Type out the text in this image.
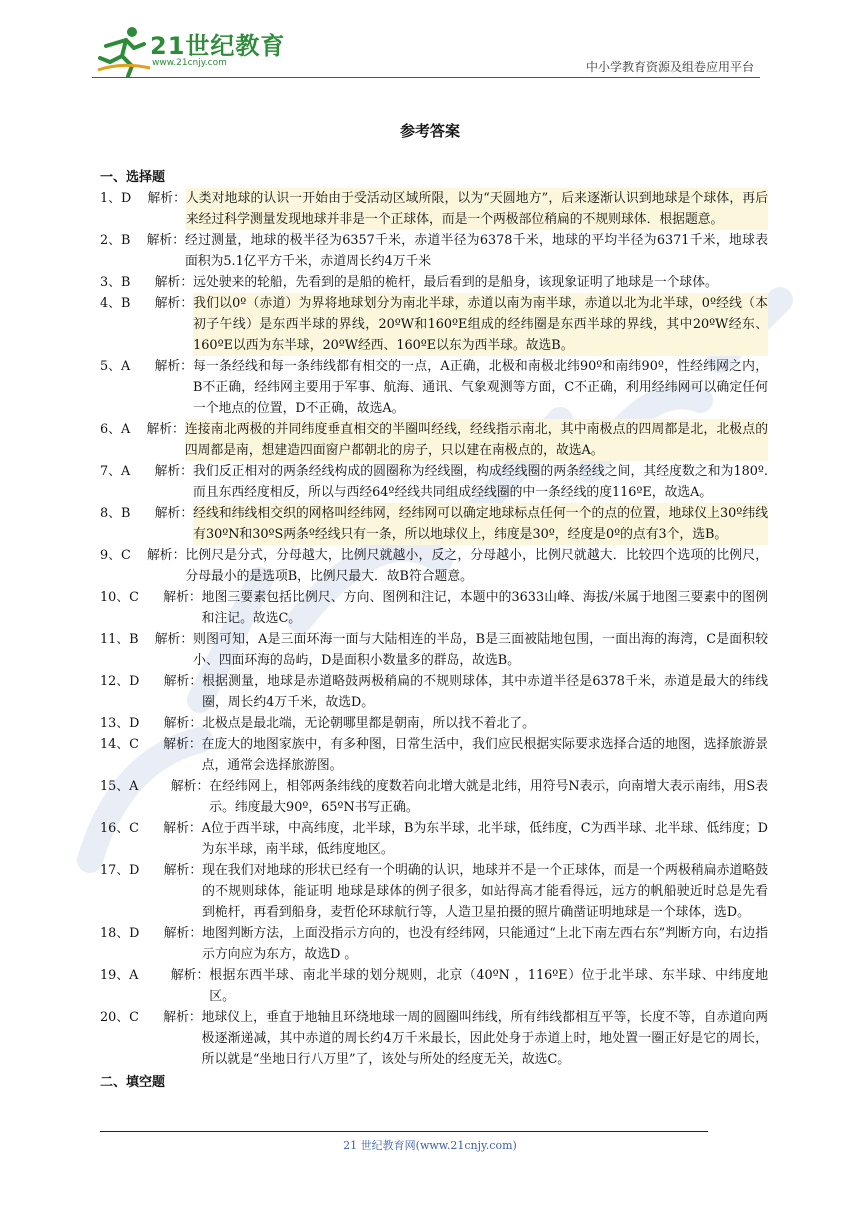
21世纪教育
www.21cnjy.com	中小学教育资源及组卷应用平台
参考答案
一、选择题
1、D    解析： 人类对地球的认识一开始由于受活动区域所限，以为“天圆地方”，后来逐渐认识到地球是个球体，再后来经过科学测量发现地球并非是一个正球体，而是一个两极部位稍扁的不规则球体．根据题意。
2、B    解析： 经过测量，地球的极半径为6357千米，赤道半径为6378千米，地球的平均半径为6371千米，地球表面积为5.1亿平方千米，赤道周长约4万千米
3、B      解析： 远处驶来的轮船，先看到的是船的桅杆，最后看到的是船身，该现象证明了地球是一个球体。
4、B      解析： 我们以0º（赤道）为界将地球划分为南北半球，赤道以南为南半球，赤道以北为北半球，0º经线（本初子午线）是东西半球的界线，20ºW和160ºE组成的经纬圈是东西半球的界线，其中20ºW经东、160ºE以西为东半球，20ºW经西、160ºE以东为西半球。故选B。
5、A      解析： 每一条经线和每一条纬线都有相交的一点，A正确，北极和南极北纬90º和南纬90º，性经纬网之内，B不正确，经纬网主要用于军事、航海、通讯、气象观测等方面，C不正确，利用经纬网可以确定任何一个地点的位置，D不正确，故选A。
6、A    解析： 连接南北两极的并同纬度垂直相交的半圈叫经线，经线指示南北，其中南极点的四周都是北，北极点的四周都是南，想建造四面窗户都朝北的房子，只以建在南极点的，故选A。
7、A      解析： 我们反正相对的两条经线构成的圆圈称为经线圈，构成经线圈的两条经线之间，其经度数之和为180º.而且东西经度相反，所以与西经64º经线共同组成经线圈的中一条经线的度116ºE，故选A。
8、B      解析： 经线和纬线相交织的网格叫经纬网，经纬网可以确定地球标点任何一个的点的位置，地球仪上30º纬线有30ºN和30ºS两条º经线只有一条，所以地球仪上，纬度是30º，经度是0º的点有3个，选B。
9、C    解析： 比例尺是分式，分母越大，比例尺就越小，反之，分母越小，比例尺就越大．比较四个选项的比例尺，分母最小的是选项B，比例尺最大．故B符合题意。
10、C      解析： 地图三要素包括比例尺、方向、图例和注记，本题中的3633山峰、海拔/米属于地图三要素中的图例和注记。故选C。
11、B    解析： 则图可知，A是三面环海一面与大陆相连的半岛，B是三面被陆地包围，一面出海的海湾，C是面积较小、四面环海的岛屿，D是面积小数量多的群岛，故选B。
12、D      解析： 根据测量，地球是赤道略鼓两极稍扁的不规则球体，其中赤道半径是6378千米，赤道是最大的纬线圈，周长约4万千米，故选D。
13、D      解析： 北极点是最北端，无论朝哪里都是朝南，所以找不着北了。
14、C      解析： 在庞大的地图家族中，有多种图，日常生活中，我们应民根据实际要求选择合适的地图，选择旅游景点，通常会选择旅游图。
15、A        解析： 在经纬网上，相邻两条纬线的度数若向北增大就是北纬，用符号N表示，向南增大表示南纬，用S表示。纬度最大90º，65ºN书写正确。
16、C      解析： A位于西半球，中高纬度，北半球，B为东半球，北半球，低纬度，C为西半球、北半球、低纬度；D为东半球，南半球，低纬度地区。
17、D      解析： 现在我们对地球的形状已经有一个明确的认识，地球并不是一个正球体，而是一个两极稍扁赤道略鼓的不规则球体，能证明 地球是球体的例子很多，如站得高才能看得远，远方的帆船驶近时总是先看到桅杆，再看到船身，麦哲伦环球航行等，人造卫星拍摄的照片确凿证明地球是一个球体，选D。
18、D      解析： 地图判断方法，上面没指示方向的，也没有经纬网，只能通过“上北下南左西右东”判断方向，右边指示方向应为东方，故选D 。
19、A        解析： 根据东西半球、南北半球的划分规则，北京（40ºN ，116ºE）位于北半球、东半球、中纬度地区。
20、C      解析： 地球仪上，垂直于地轴且环绕地球一周的圆圈叫纬线，所有纬线都相互平等，长度不等，自赤道向两极逐渐递减，其中赤道的周长约4万千米最长，因此处身于赤道上时，地处置一圈正好是它的周长，所以就是“坐地日行八万里”了，该处与所处的经度无关，故选C。
二、填空题
21 世纪教育网(www.21cnjy.com)
